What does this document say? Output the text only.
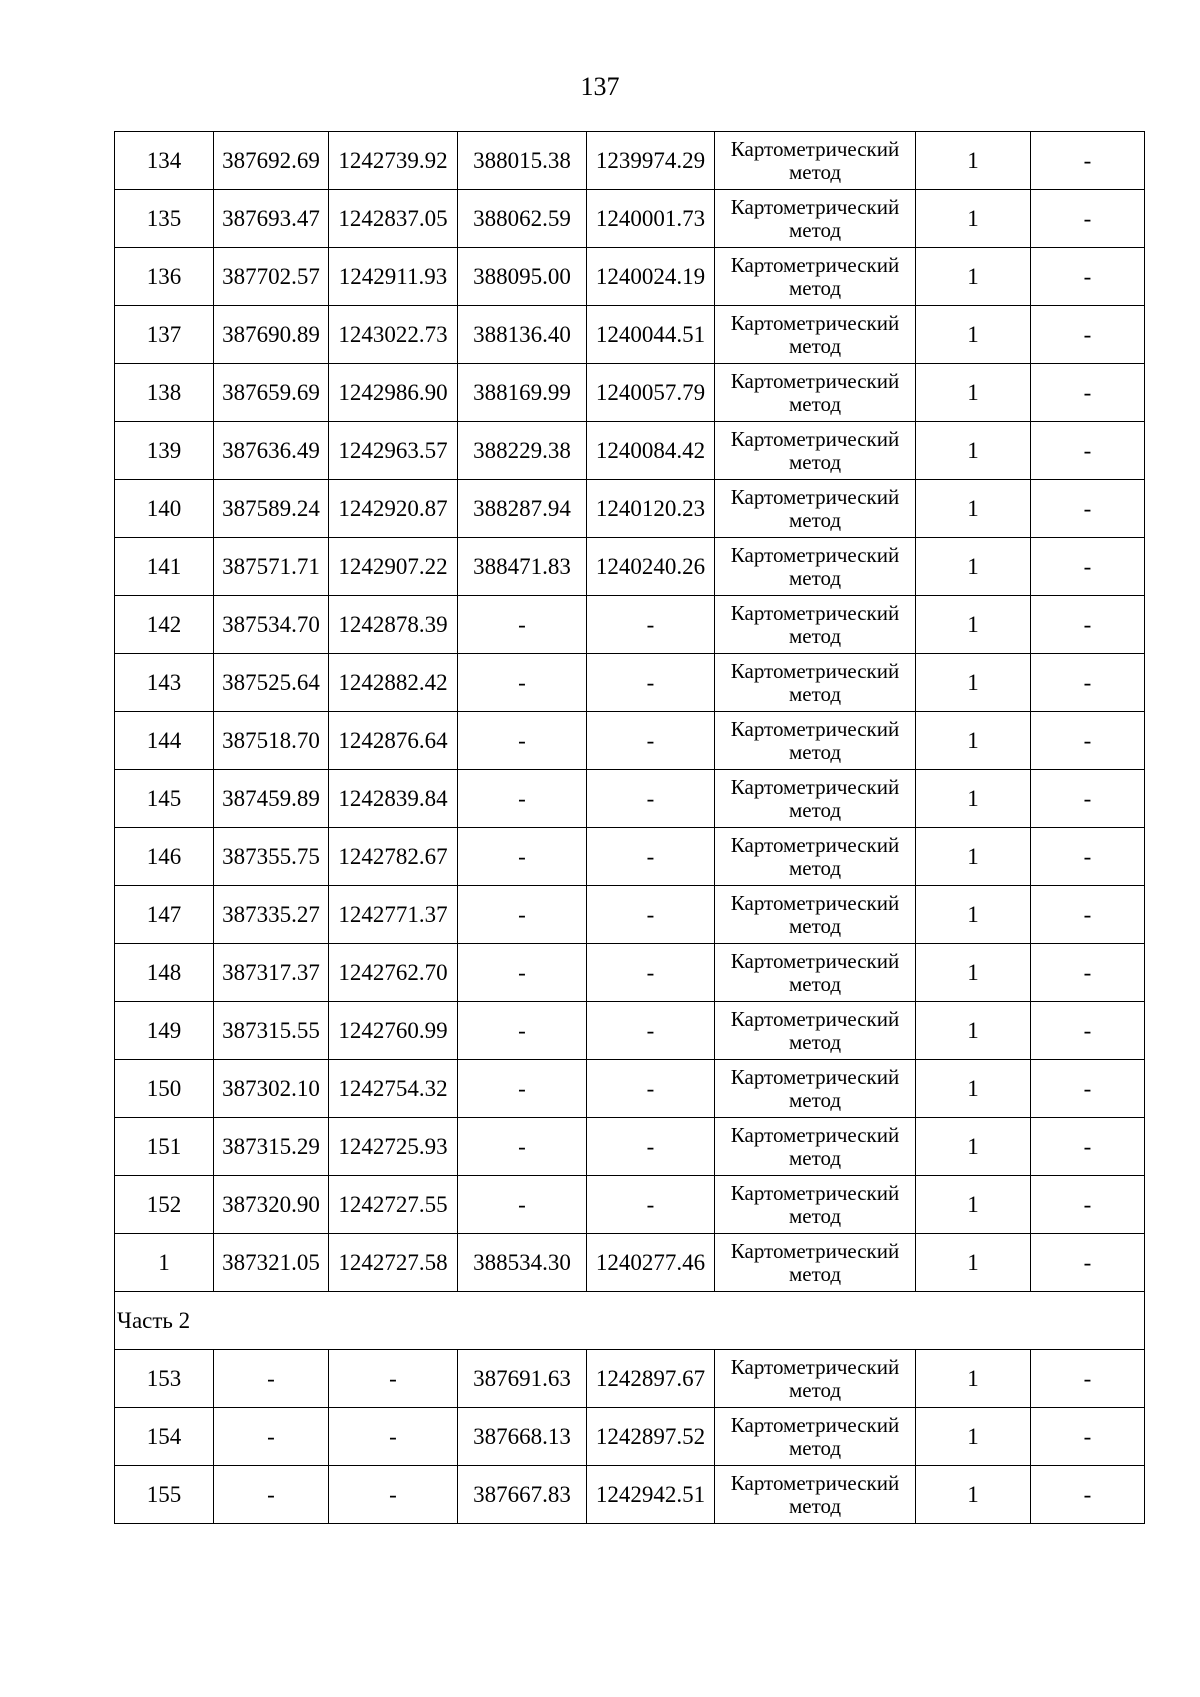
137
134	387692.69	1242739.92	388015.38	1239974.29	Картометрический
метод	1	-
135	387693.47	1242837.05	388062.59	1240001.73	Картометрический
метод	1	-
136	387702.57	1242911.93	388095.00	1240024.19	Картометрический
метод	1	-
137	387690.89	1243022.73	388136.40	1240044.51	Картометрический
метод	1	-
138	387659.69	1242986.90	388169.99	1240057.79	Картометрический
метод	1	-
139	387636.49	1242963.57	388229.38	1240084.42	Картометрический
метод	1	-
140	387589.24	1242920.87	388287.94	1240120.23	Картометрический
метод	1	-
141	387571.71	1242907.22	388471.83	1240240.26	Картометрический
метод	1	-
142	387534.70	1242878.39	-	-	Картометрический
метод	1	-
143	387525.64	1242882.42	-	-	Картометрический
метод	1	-
144	387518.70	1242876.64	-	-	Картометрический
метод	1	-
145	387459.89	1242839.84	-	-	Картометрический
метод	1	-
146	387355.75	1242782.67	-	-	Картометрический
метод	1	-
147	387335.27	1242771.37	-	-	Картометрический
метод	1	-
148	387317.37	1242762.70	-	-	Картометрический
метод	1	-
149	387315.55	1242760.99	-	-	Картометрический
метод	1	-
150	387302.10	1242754.32	-	-	Картометрический
метод	1	-
151	387315.29	1242725.93	-	-	Картометрический
метод	1	-
152	387320.90	1242727.55	-	-	Картометрический
метод	1	-
1	387321.05	1242727.58	388534.30	1240277.46	Картометрический
метод	1	-
Часть 2							
153	-	-	387691.63	1242897.67	Картометрический
метод	1	-
154	-	-	387668.13	1242897.52	Картометрический
метод	1	-
155	-	-	387667.83	1242942.51	Картометрический
метод	1	-
